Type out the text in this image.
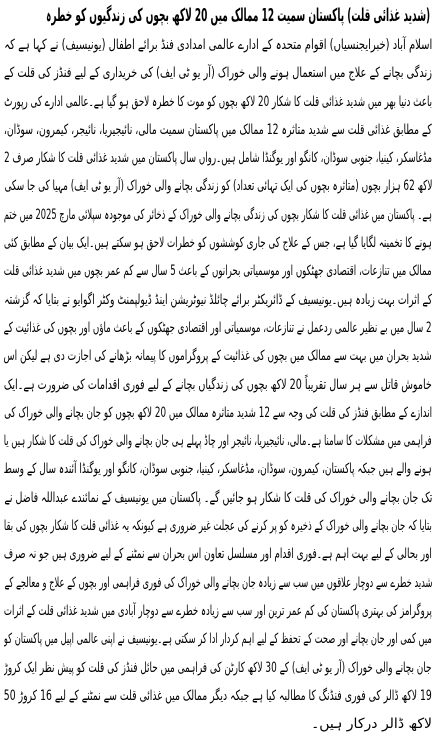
(شدید غذائی قلت) پاکستان سمیت 12 ممالک میں 20 لاکھ بچوں کی زندگیوں کو خطرہ
اسلام آباد (خبرایجنسیاں) اقوام متحدہ کے ادارے عالمی امدادی فنڈ برائے اطفال (یونیسیف) نے کہا ہے کہ
زندگی بچانے کے علاج میں استعمال ہونے والی خوراک (آر یو ٹی ایف) کی خریداری کے لیے فنڈز کی قلت کے
باعث دنیا بھر میں شدید غذائی قلت کا شکار 20 لاکھ بچوں کو موت کا خطرہ لاحق ہو گیا ہے۔عالمی ادارے کی رپورٹ
کے مطابق غذائی قلت سے شدید متاثرہ 12 ممالک میں پاکستان سمیت مالی، نائیجیریا، نائیجر، کیمرون، سوڈان،
مڈغاسکر، کینیا، جنوبی سوڈان، کانگو اور یوگنڈا شامل ہیں۔رواں سال پاکستان میں شدید غذائی قلت کا شکار صرف 2
لاکھ 62 ہزار بچوں (متاثرہ بچوں کی ایک تہائی تعداد) کو زندگی بچانے والی خوراک (آر یو ٹی ایف) مہیا کی جا سکی
ہے۔ پاکستان میں غذائی قلت کا شکار بچوں کی زندگی بچانے والی خوراک کے ذخائر کی موجودہ سپلائی مارچ 2025 میں ختم
ہونے کا تخمینہ لگایا گیا ہے، جس کے علاج کی جاری کوششوں کو خطرات لاحق ہو سکتے ہیں۔ایک بیان کے مطابق کئی
ممالک میں تنازعات، اقتصادی جھٹکوں اور موسمیاتی بحرانوں کے باعث 5 سال سے کم عمر بچوں میں شدید غذائی قلت
کے اثرات بہت زیادہ ہیں۔یونیسیف کے ڈائریکٹر برائے چائلڈ نیوٹریشن اینڈ ڈیولپمنٹ وکٹر اگوایو نے بتایا کہ گزشتہ
2 سال میں بے نظیر عالمی ردعمل نے تنازعات، موسمیاتی اور اقتصادی جھٹکوں کے باعث ماؤں اور بچوں کی غذائیت کے
شدید بحران میں بہت سے ممالک میں بچوں کی غذائیت کے پروگراموں کا پیمانہ بڑھانے کی اجازت دی ہے لیکن اس
خاموش قاتل سے ہر سال تقریباً 20 لاکھ بچوں کی زندگیاں بچانے کے لیے فوری اقدامات کی ضرورت ہے۔ایک
اندازے کے مطابق فنڈز کی قلت کی وجہ سے 12 شدید متاثرہ ممالک میں 20 لاکھ بچوں کو جان بچانے والی خوراک کی
فراہمی میں مشکلات کا سامنا ہے۔مالی، نائیجیریا، نائیجر اور چاڈ پہلے ہی جان بچانے والی خوراک کی قلت کا شکار ہیں یا
ہونے والے ہیں جبکہ پاکستان، کیمرون، سوڈان، مڈغاسکر، کینیا، جنوبی سوڈان، کانگو اور یوگنڈا آئندہ سال کے وسط
تک جان بچانے والی خوراک کی قلت کا شکار ہو جائیں گے۔ پاکستان میں یونیسیف کے نمائندے عبداللہ فاضل نے
بتایا کہ جان بچانے والی خوراک کے ذخیرہ کو پر کرنے کی عجلت غیر ضروری ہے کیونکہ یہ غذائی قلت کا شکار بچوں کی بقا
اور بحالی کے لیے بہت اہم ہے۔فوری اقدام اور مسلسل تعاون اس بحران سے نمٹنے کے لیے ضروری ہیں جو نہ صرف
شدید خطرے سے دوچار علاقوں میں سب سے زیادہ جان بچانے والی خوراک کی فوری فراہمی اور بچوں کے علاج و معالجے کے
پروگرامز کی بہتری پاکستان کی کم عمر ترین اور سب سے زیادہ خطرے سے دوچار آبادی میں شدید غذائی قلت کے اثرات
میں کمی اور جان بچانے اور صحت کے تحفظ کے لیے اہم کردار ادا کر سکتی ہے۔یونیسیف نے اپنی عالمی اپیل میں پاکستان کو
جان بچانے والی خوراک (آر یو ٹی ایف) کے 30 لاکھ کارٹن کی فراہمی میں حائل فنڈز کی قلت کو پیش نظر ایک کروڑ
19 لاکھ ڈالر کی فوری فنڈنگ کا مطالبہ کیا ہے جبکہ دیگر ممالک میں غذائی قلت سے نمٹنے کے لیے 16 کروڑ 50
لاکھ ڈالر درکار ہیں۔
